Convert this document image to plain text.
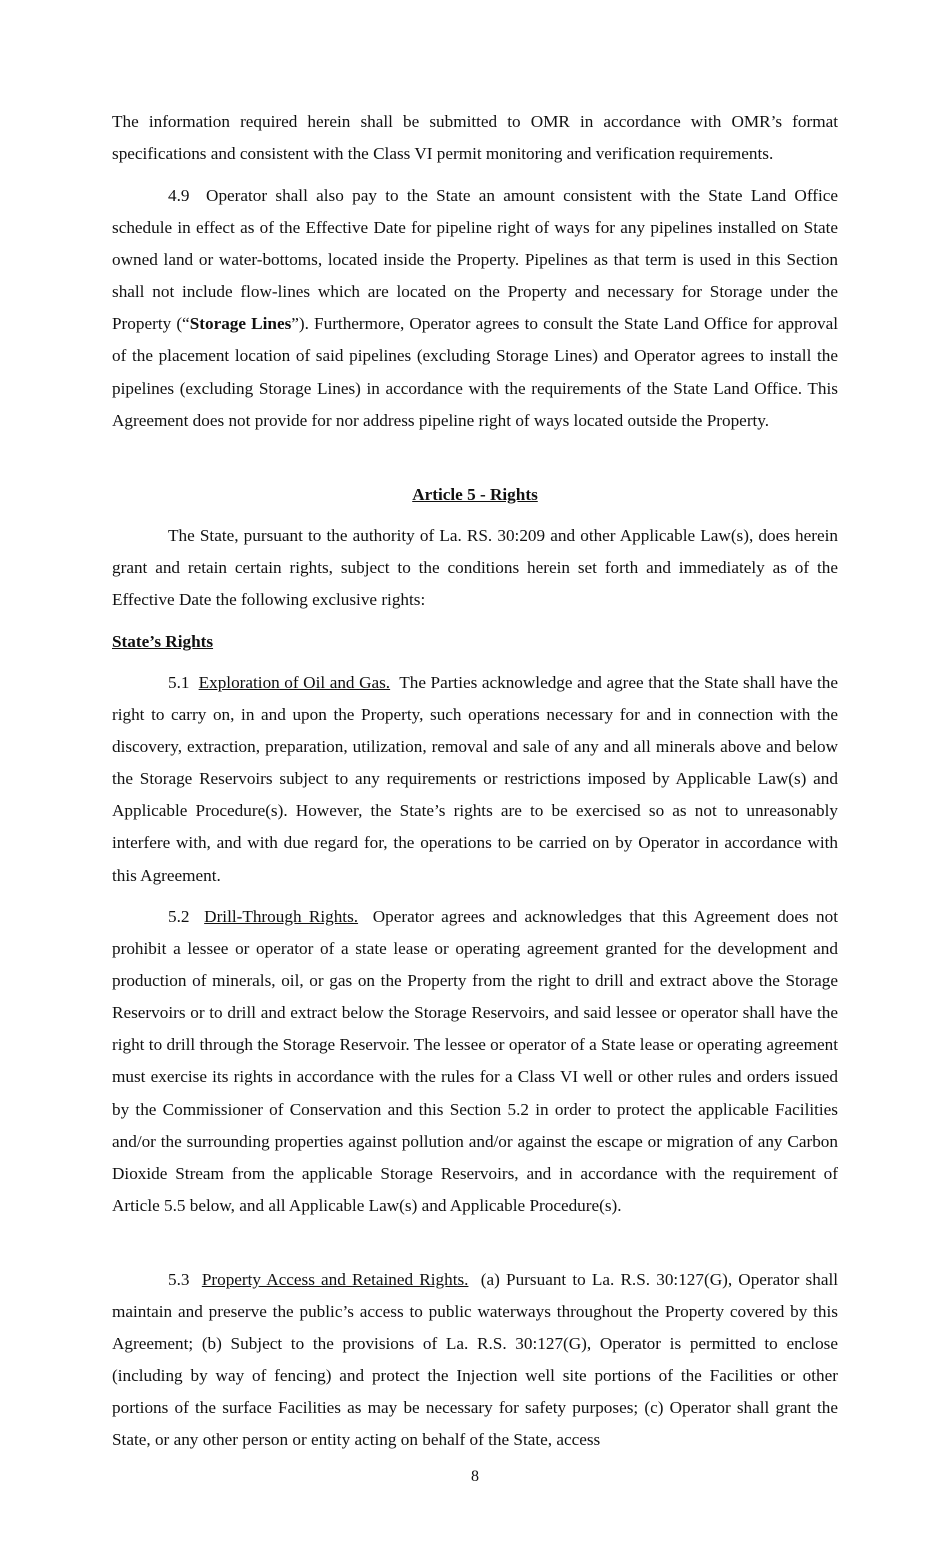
The information required herein shall be submitted to OMR in accordance with OMR’s format specifications and consistent with the Class VI permit monitoring and verification requirements.

4.9 Operator shall also pay to the State an amount consistent with the State Land Office schedule in effect as of the Effective Date for pipeline right of ways for any pipelines installed on State owned land or water-bottoms, located inside the Property. Pipelines as that term is used in this Section shall not include flow-lines which are located on the Property and necessary for Storage under the Property (“Storage Lines”). Furthermore, Operator agrees to consult the State Land Office for approval of the placement location of said pipelines (excluding Storage Lines) and Operator agrees to install the pipelines (excluding Storage Lines) in accordance with the requirements of the State Land Office. This Agreement does not provide for nor address pipeline right of ways located outside the Property.

Article 5 - Rights

The State, pursuant to the authority of La. RS. 30:209 and other Applicable Law(s), does herein grant and retain certain rights, subject to the conditions herein set forth and immediately as of the Effective Date the following exclusive rights:

State’s Rights

5.1 Exploration of Oil and Gas. The Parties acknowledge and agree that the State shall have the right to carry on, in and upon the Property, such operations necessary for and in connection with the discovery, extraction, preparation, utilization, removal and sale of any and all minerals above and below the Storage Reservoirs subject to any requirements or restrictions imposed by Applicable Law(s) and Applicable Procedure(s). However, the State’s rights are to be exercised so as not to unreasonably interfere with, and with due regard for, the operations to be carried on by Operator in accordance with this Agreement.

5.2 Drill-Through Rights. Operator agrees and acknowledges that this Agreement does not prohibit a lessee or operator of a state lease or operating agreement granted for the development and production of minerals, oil, or gas on the Property from the right to drill and extract above the Storage Reservoirs or to drill and extract below the Storage Reservoirs, and said lessee or operator shall have the right to drill through the Storage Reservoir. The lessee or operator of a State lease or operating agreement must exercise its rights in accordance with the rules for a Class VI well or other rules and orders issued by the Commissioner of Conservation and this Section 5.2 in order to protect the applicable Facilities and/or the surrounding properties against pollution and/or against the escape or migration of any Carbon Dioxide Stream from the applicable Storage Reservoirs, and in accordance with the requirement of Article 5.5 below, and all Applicable Law(s) and Applicable Procedure(s).

5.3 Property Access and Retained Rights. (a) Pursuant to La. R.S. 30:127(G), Operator shall maintain and preserve the public’s access to public waterways throughout the Property covered by this Agreement; (b) Subject to the provisions of La. R.S. 30:127(G), Operator is permitted to enclose (including by way of fencing) and protect the Injection well site portions of the Facilities or other portions of the surface Facilities as may be necessary for safety purposes; (c) Operator shall grant the State, or any other person or entity acting on behalf of the State, access

8
